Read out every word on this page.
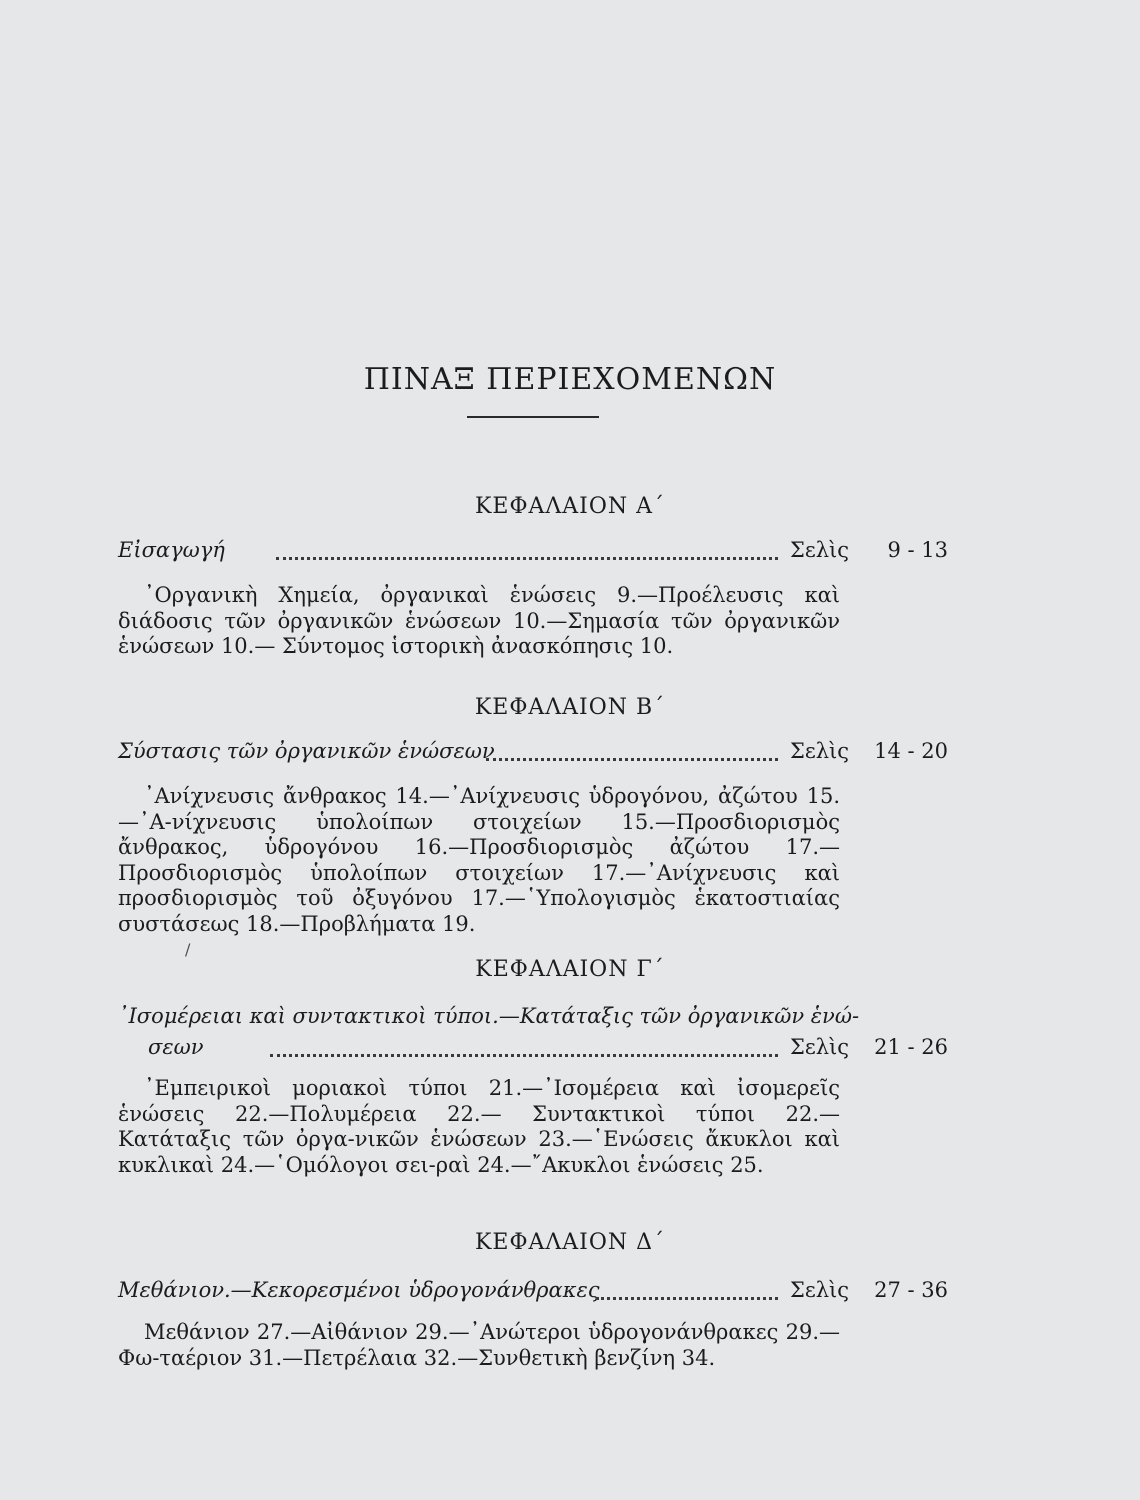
ΠΙΝΑΞ ΠΕΡΙΕΧΟΜΕΝΩΝ
ΚΕΦΑΛΑΙΟΝ Α΄
Εἰσαγωγή	Σελὶς 9 - 13
᾿Οργανικὴ Χημεία, ὀργανικαὶ ἑνώσεις 9.—Προέλευσις καὶ διάδοσις τῶν ὀργανικῶν ἑνώσεων 10.—Σημασία τῶν ὀργανικῶν ἑνώσεων 10.— Σύντομος ἱστορικὴ ἀνασκόπησις 10.
ΚΕΦΑΛΑΙΟΝ Β΄
Σύστασις τῶν ὀργανικῶν ἑνώσεων	Σελὶς 14 - 20
᾿Ανίχνευσις ἄνθρακος 14.—᾿Ανίχνευσις ὑδρογόνου, ἀζώτου 15.—᾿Α-νίχνευσις ὑπολοίπων στοιχείων 15.—Προσδιορισμὸς ἄνθρακος, ὑδρογόνου 16.—Προσδιορισμὸς ἀζώτου 17.—Προσδιορισμὸς ὑπολοίπων στοιχείων 17.—᾿Ανίχνευσις καὶ προσδιορισμὸς τοῦ ὀξυγόνου 17.—῾Υπολογισμὸς ἑκατοστιαίας συστάσεως 18.—Προβλήματα 19.
/
ΚΕΦΑΛΑΙΟΝ Γ΄
᾿Ισομέρειαι καὶ συντακτικοὶ τύποι.—Κατάταξις τῶν ὀργανικῶν ἑνώ-
σεων	Σελὶς 21 - 26
᾿Εμπειρικοὶ μοριακοὶ τύποι 21.—᾿Ισομέρεια καὶ ἰσομερεῖς ἑνώσεις 22.—Πολυμέρεια 22.— Συντακτικοὶ τύποι 22.— Κατάταξις τῶν ὀργα-νικῶν ἑνώσεων 23.—῾Ενώσεις ἄκυκλοι καὶ κυκλικαὶ 24.—῾Ομόλογοι σει-ραὶ 24.—῎Ακυκλοι ἑνώσεις 25.
ΚΕΦΑΛΑΙΟΝ Δ΄
Μεθάνιον.—Κεκορεσμένοι ὑδρογονάνθρακες	Σελὶς 27 - 36
Μεθάνιον 27.—Αἰθάνιον 29.—᾿Ανώτεροι ὑδρογονάνθρακες 29.—Φω-ταέριον 31.—Πετρέλαια 32.—Συνθετικὴ βενζίνη 34.
